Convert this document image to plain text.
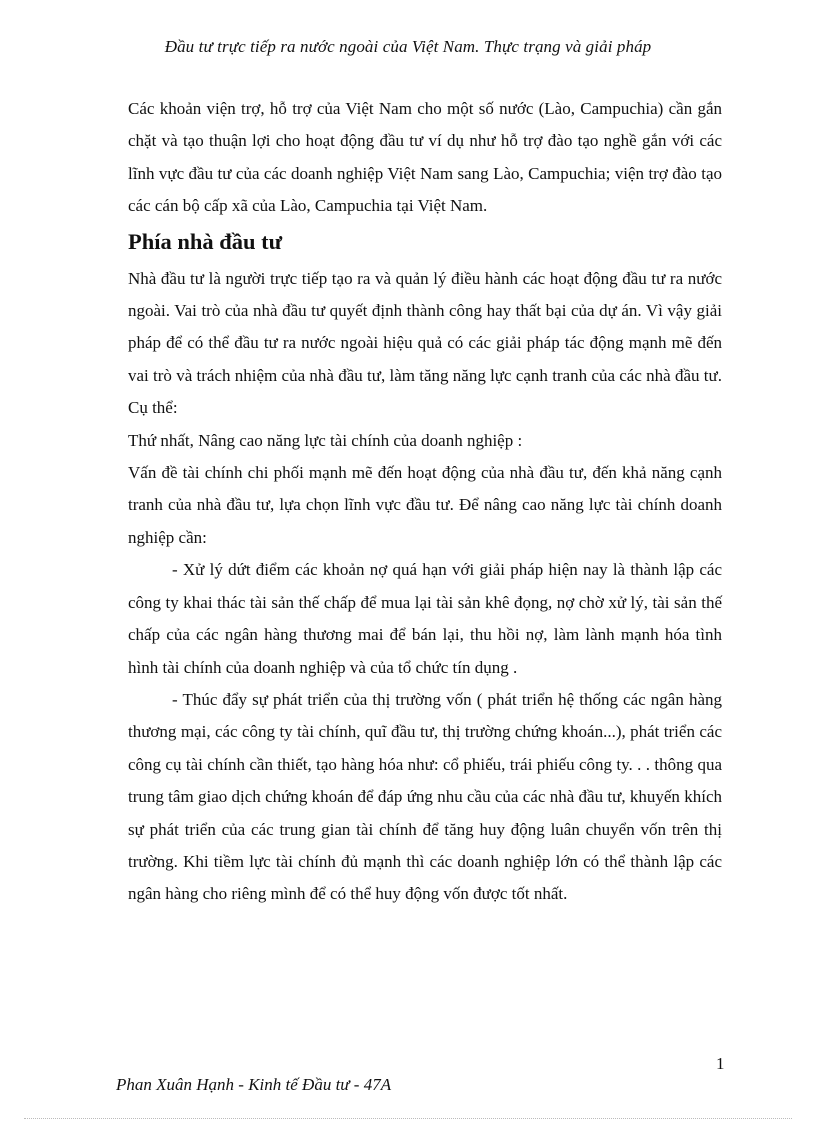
Đầu tư trực tiếp ra nước ngoài của Việt Nam. Thực trạng và giải pháp

Các khoản viện trợ, hỗ trợ của Việt Nam cho một số nước (Lào, Campuchia) cần gắn chặt và tạo thuận lợi cho hoạt động đầu tư ví dụ như hỗ trợ đào tạo nghề gắn với các lĩnh vực đầu tư của các doanh nghiệp Việt Nam sang Lào, Campuchia; viện trợ đào tạo các cán bộ cấp xã của Lào, Campuchia tại Việt Nam.

Phía nhà đầu tư

Nhà đầu tư là người trực tiếp tạo ra và quản lý điều hành các hoạt động đầu tư ra nước ngoài. Vai trò của nhà đầu tư quyết định thành công hay thất bại của dự án. Vì vậy giải pháp để có thể đầu tư ra nước ngoài hiệu quả có các giải pháp tác động mạnh mẽ đến vai trò và trách nhiệm của nhà đầu tư, làm tăng năng lực cạnh tranh của các nhà đầu tư. Cụ thể:

Thứ nhất, Nâng cao năng lực tài chính của doanh nghiệp :

Vấn đề tài chính chi phối mạnh mẽ đến hoạt động của nhà đầu tư, đến khả năng cạnh tranh của nhà đầu tư, lựa chọn lĩnh vực đầu tư. Để nâng cao năng lực tài chính doanh nghiệp cần:

- Xử lý dứt điểm các khoản nợ quá hạn với giải pháp hiện nay là thành lập các công ty khai thác tài sản thế chấp để mua lại tài sản khê đọng, nợ chờ xử lý, tài sản thế chấp của các ngân hàng thương mai để bán lại, thu hồi nợ, làm lành mạnh hóa tình hình tài chính của doanh nghiệp và của tổ chức tín dụng .

- Thúc đẩy sự phát triển của thị trường vốn ( phát triển hệ thống các ngân hàng thương mại, các công ty tài chính, quĩ đầu tư, thị trường chứng khoán...), phát triển các công cụ tài chính cần thiết, tạo hàng hóa như: cổ phiếu, trái phiếu công ty. . . thông qua trung tâm giao dịch chứng khoán để đáp ứng nhu cầu của các nhà đầu tư, khuyến khích sự phát triển của các trung gian tài chính để tăng huy động luân chuyển vốn trên thị trường. Khi tiềm lực tài chính đủ mạnh thì các doanh nghiệp lớn có thể thành lập các ngân hàng cho riêng mình để có thể huy động vốn được tốt nhất.

1
Phan Xuân Hạnh - Kinh tế Đầu tư - 47A
